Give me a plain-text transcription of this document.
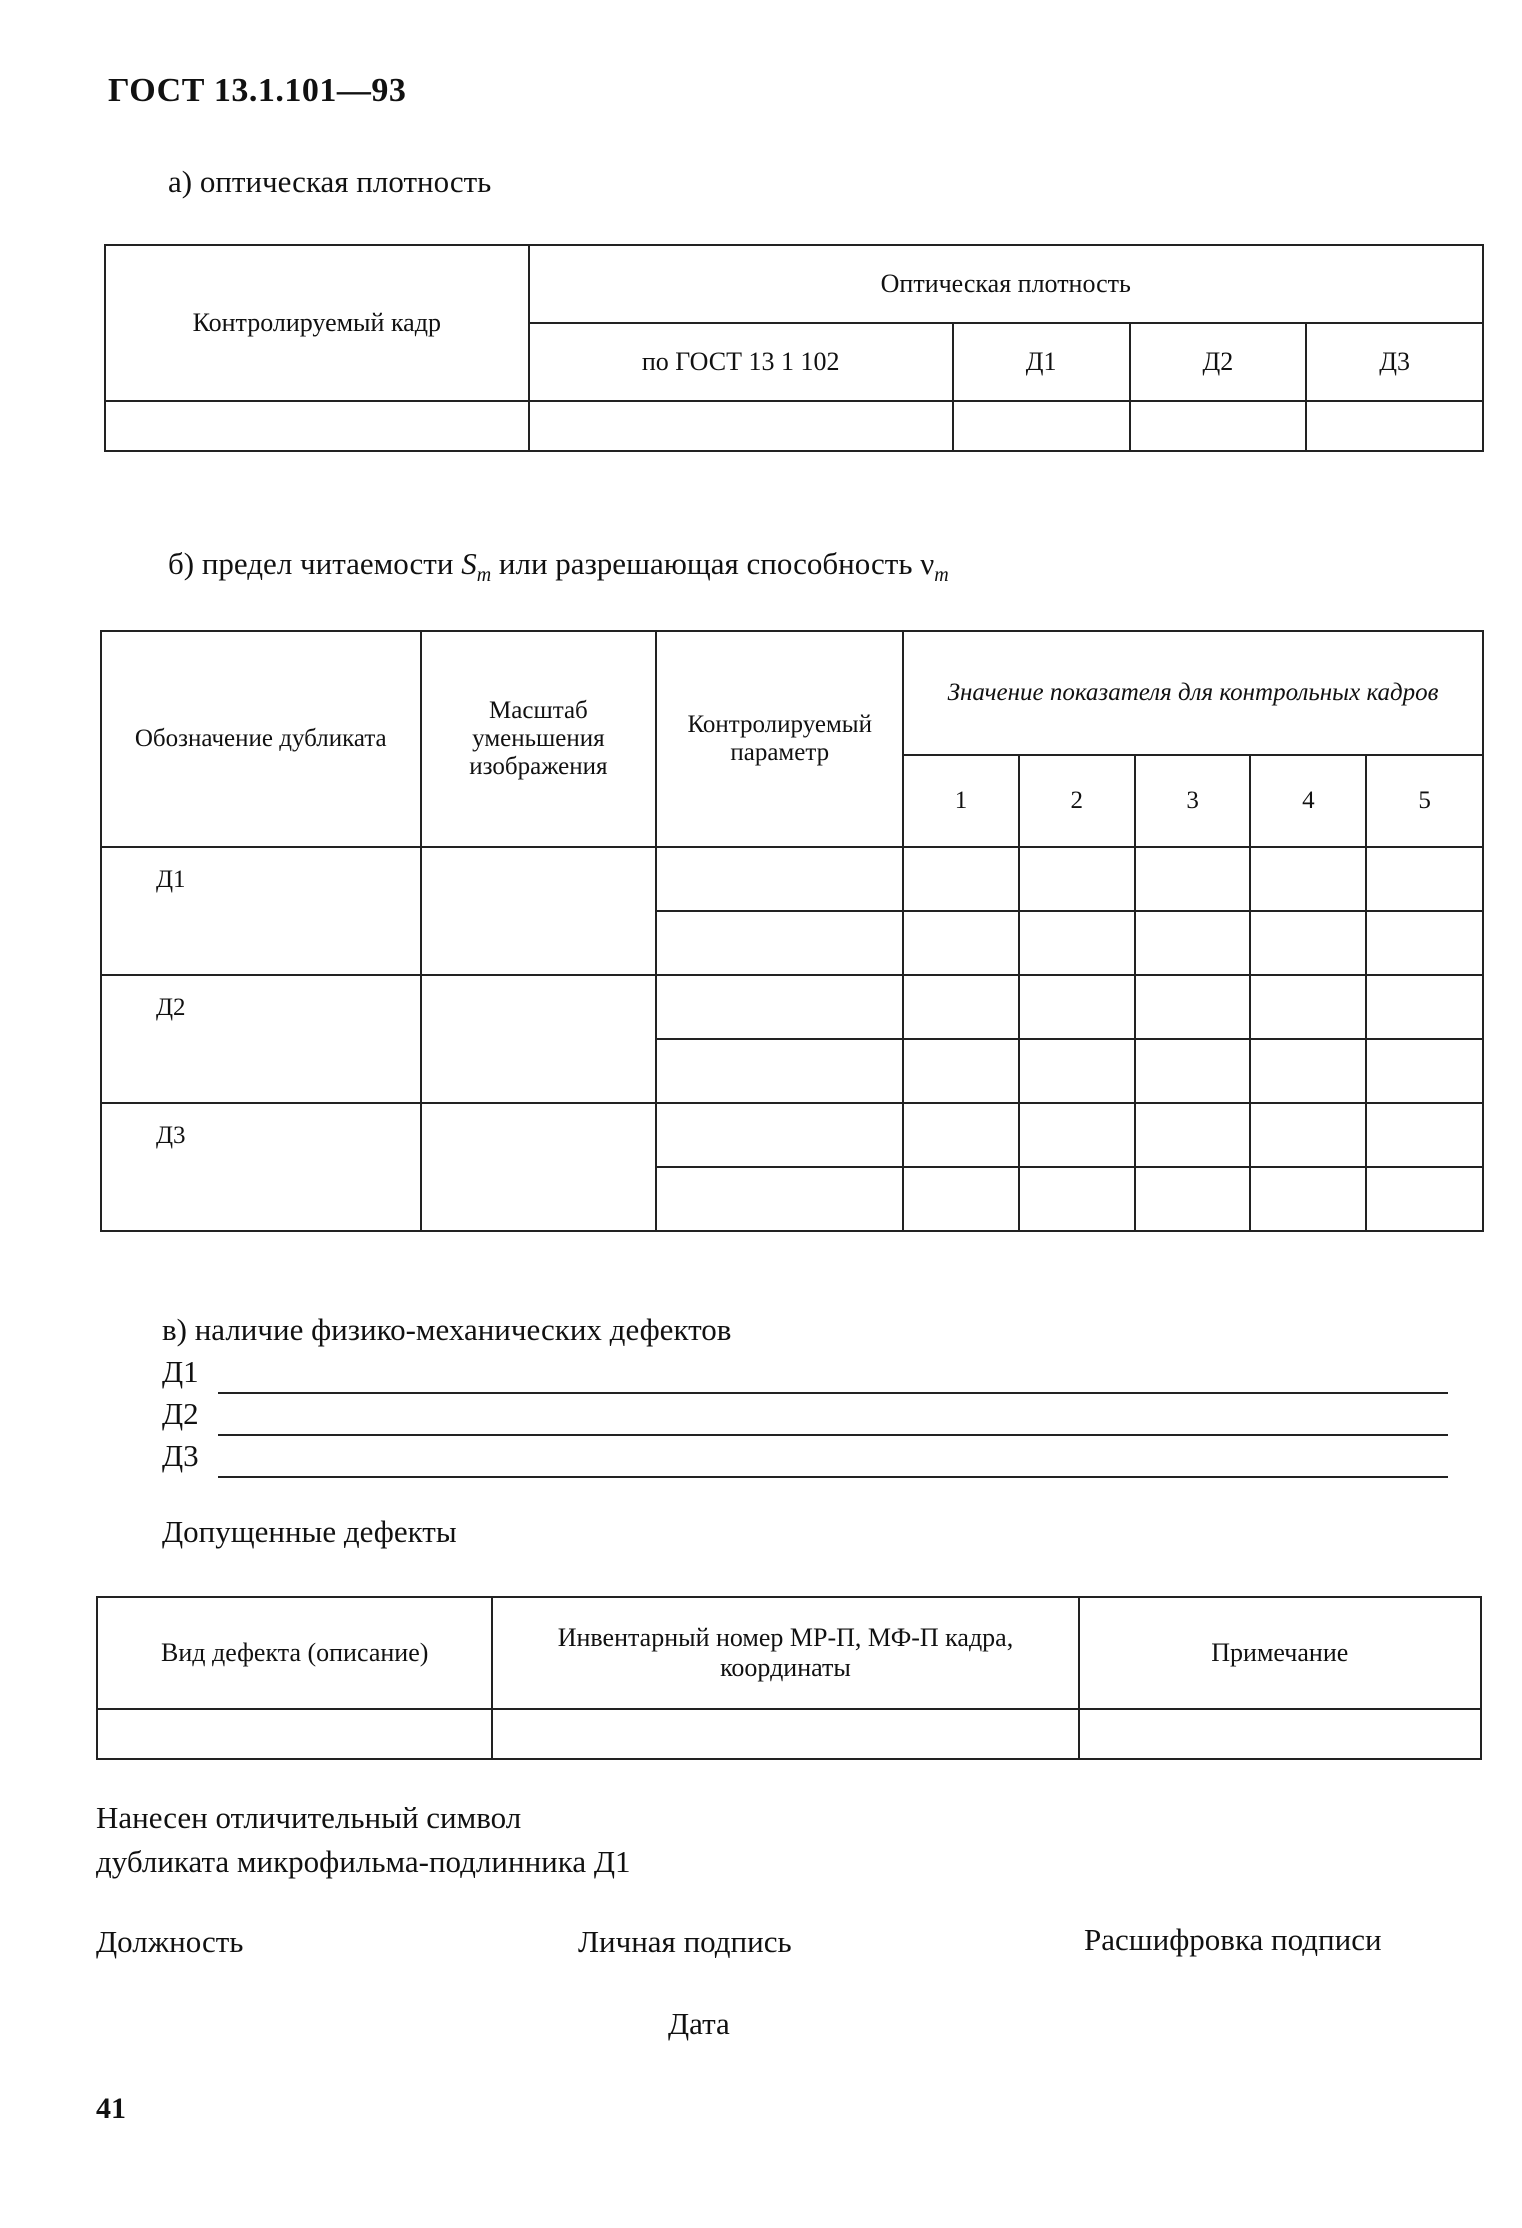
ГОСТ 13.1.101—93
а) оптическая плотность
Контролируемый кадр	Оптическая плотность			
	по ГОСТ 13 1 102	Д1	Д2	Д3

б) предел читаемости $S_m$ или разрешающая способность $\nu_m$
Обозначение дубликата	Масштаб уменьшения изображения	Контролируемый параметр	Значение показателя для контрольных кадров				
			1	2	3	4	5
Д1							

Д2							

Д3							

в) наличие физико-механических дефектов
Д1
Д2
Д3
Допущенные дефекты
Вид дефекта (описание)	Инвентарный номер МР-П, МФ-П кадра, координаты	Примечание

Нанесен отличительный символ
дубликата микрофильма-подлинника Д1
Должность	Личная подпись	Расшифровка подписи
Дата
41
